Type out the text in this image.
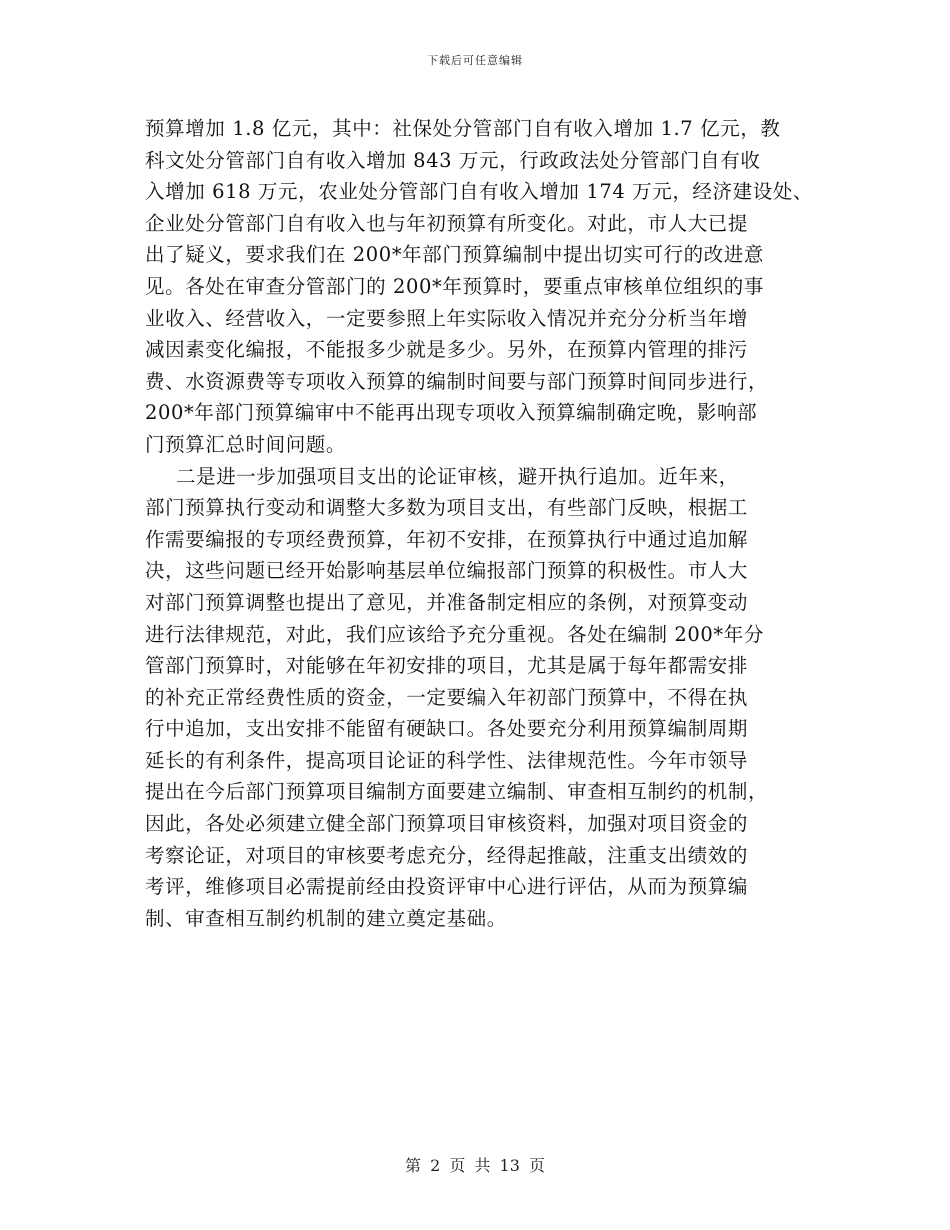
下载后可任意编辑
预算增加 1.8 亿元，其中：社保处分管部门自有收入增加 1.7 亿元，教
科文处分管部门自有收入增加 843 万元，行政政法处分管部门自有收
入增加 618 万元，农业处分管部门自有收入增加 174 万元，经济建设处、
企业处分管部门自有收入也与年初预算有所变化。对此，市人大已提
出了疑义，要求我们在 200*年部门预算编制中提出切实可行的改进意
见。各处在审查分管部门的 200*年预算时，要重点审核单位组织的事
业收入、经营收入，一定要参照上年实际收入情况并充分分析当年增
减因素变化编报，不能报多少就是多少。另外，在预算内管理的排污
费、水资源费等专项收入预算的编制时间要与部门预算时间同步进行，
200*年部门预算编审中不能再出现专项收入预算编制确定晚，影响部
门预算汇总时间问题。
二是进一步加强项目支出的论证审核，避开执行追加。近年来，
部门预算执行变动和调整大多数为项目支出，有些部门反映，根据工
作需要编报的专项经费预算，年初不安排，在预算执行中通过追加解
决，这些问题已经开始影响基层单位编报部门预算的积极性。市人大
对部门预算调整也提出了意见，并准备制定相应的条例，对预算变动
进行法律规范，对此，我们应该给予充分重视。各处在编制 200*年分
管部门预算时，对能够在年初安排的项目，尤其是属于每年都需安排
的补充正常经费性质的资金，一定要编入年初部门预算中，不得在执
行中追加，支出安排不能留有硬缺口。各处要充分利用预算编制周期
延长的有利条件，提高项目论证的科学性、法律规范性。今年市领导
提出在今后部门预算项目编制方面要建立编制、审查相互制约的机制，
因此，各处必须建立健全部门预算项目审核资料，加强对项目资金的
考察论证，对项目的审核要考虑充分，经得起推敲，注重支出绩效的
考评，维修项目必需提前经由投资评审中心进行评估，从而为预算编
制、审查相互制约机制的建立奠定基础。
第 2 页 共 13 页
